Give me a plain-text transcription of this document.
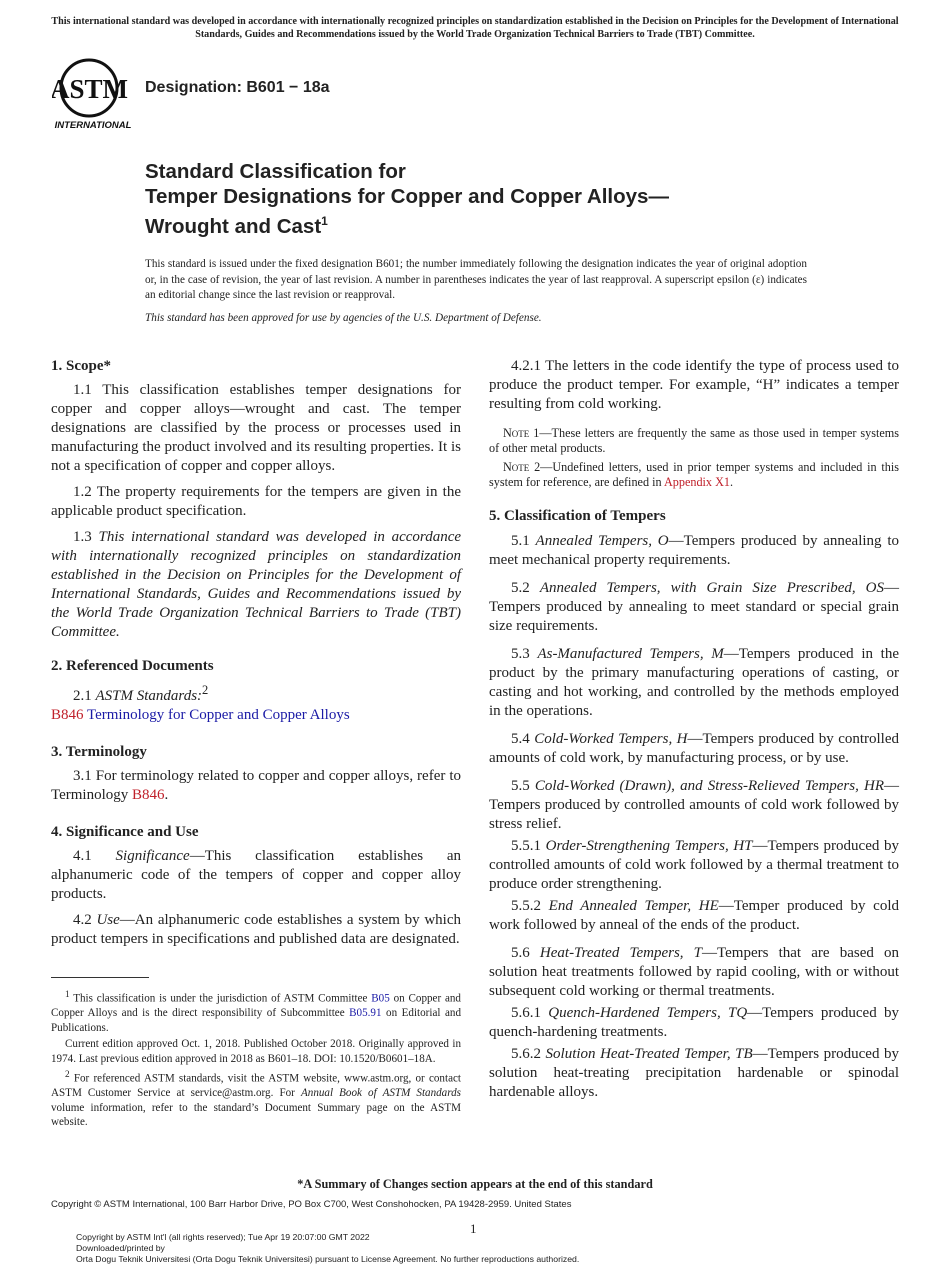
This international standard was developed in accordance with internationally recognized principles on standardization established in the Decision on Principles for the Development of International Standards, Guides and Recommendations issued by the World Trade Organization Technical Barriers to Trade (TBT) Committee.
ASTM
INTERNATIONAL
Designation: B601 − 18a
Standard Classification for
Temper Designations for Copper and Copper Alloys—
Wrought and Cast$^1$
This standard is issued under the fixed designation B601; the number immediately following the designation indicates the year of original adoption or, in the case of revision, the year of last revision. A number in parentheses indicates the year of last reapproval. A superscript epsilon (ε) indicates an editorial change since the last revision or reapproval.
This standard has been approved for use by agencies of the U.S. Department of Defense.
1. Scope*

1.1 This classification establishes temper designations for copper and copper alloys—wrought and cast. The temper designations are classified by the process or processes used in manufacturing the product involved and its resulting properties. It is not a specification of copper and copper alloys.

1.2 The property requirements for the tempers are given in the applicable product specification.

1.3 This international standard was developed in accordance with internationally recognized principles on standardization established in the Decision on Principles for the Development of International Standards, Guides and Recommendations issued by the World Trade Organization Technical Barriers to Trade (TBT) Committee.

2. Referenced Documents

2.1 ASTM Standards:$^2$

B846 Terminology for Copper and Copper Alloys
3. Terminology

3.1 For terminology related to copper and copper alloys, refer to Terminology B846.

4. Significance and Use

4.1 Significance—This classification establishes an alphanumeric code of the tempers of copper and copper alloy products.

4.2 Use—An alphanumeric code establishes a system by which product tempers in specifications and published data are designated.

$^1$ This classification is under the jurisdiction of ASTM Committee B05 on Copper and Copper Alloys and is the direct responsibility of Subcommittee B05.91 on Editorial and Publications.

Current edition approved Oct. 1, 2018. Published October 2018. Originally approved in 1974. Last previous edition approved in 2018 as B601–18. DOI: 10.1520/B0601–18A.

$^2$ For referenced ASTM standards, visit the ASTM website, www.astm.org, or contact ASTM Customer Service at service@astm.org. For Annual Book of ASTM Standards volume information, refer to the standard’s Document Summary page on the ASTM website.

4.2.1 The letters in the code identify the type of process used to produce the product temper. For example, “H” indicates a temper resulting from cold working.

Note 1—These letters are frequently the same as those used in temper systems of other metal products.
Note 2—Undefined letters, used in prior temper systems and included in this system for reference, are defined in Appendix X1.
5. Classification of Tempers

5.1 Annealed Tempers, O—Tempers produced by annealing to meet mechanical property requirements.

5.2 Annealed Tempers, with Grain Size Prescribed, OS—Tempers produced by annealing to meet standard or special grain size requirements.

5.3 As-Manufactured Tempers, M—Tempers produced in the product by the primary manufacturing operations of casting, or casting and hot working, and controlled by the methods employed in the operations.

5.4 Cold-Worked Tempers, H—Tempers produced by controlled amounts of cold work, by manufacturing process, or by use.

5.5 Cold-Worked (Drawn), and Stress-Relieved Tempers, HR—Tempers produced by controlled amounts of cold work followed by stress relief.

5.5.1 Order-Strengthening Tempers, HT—Tempers produced by controlled amounts of cold work followed by a thermal treatment to produce order strengthening.

5.5.2 End Annealed Temper, HE—Temper produced by cold work followed by anneal of the ends of the product.

5.6 Heat-Treated Tempers, T—Tempers that are based on solution heat treatments followed by rapid cooling, with or without subsequent cold working or thermal treatments.

5.6.1 Quench-Hardened Tempers, TQ—Tempers produced by quench-hardening treatments.

5.6.2 Solution Heat-Treated Temper, TB—Tempers produced by solution heat-treating precipitation hardenable or spinodal hardenable alloys.

*A Summary of Changes section appears at the end of this standard
Copyright © ASTM International, 100 Barr Harbor Drive, PO Box C700, West Conshohocken, PA 19428-2959. United States
1
Copyright by ASTM Int'l (all rights reserved); Tue Apr 19 20:07:00 GMT 2022
Downloaded/printed by
Orta Dogu Teknik Universitesi (Orta Dogu Teknik Universitesi) pursuant to License Agreement. No further reproductions authorized.
